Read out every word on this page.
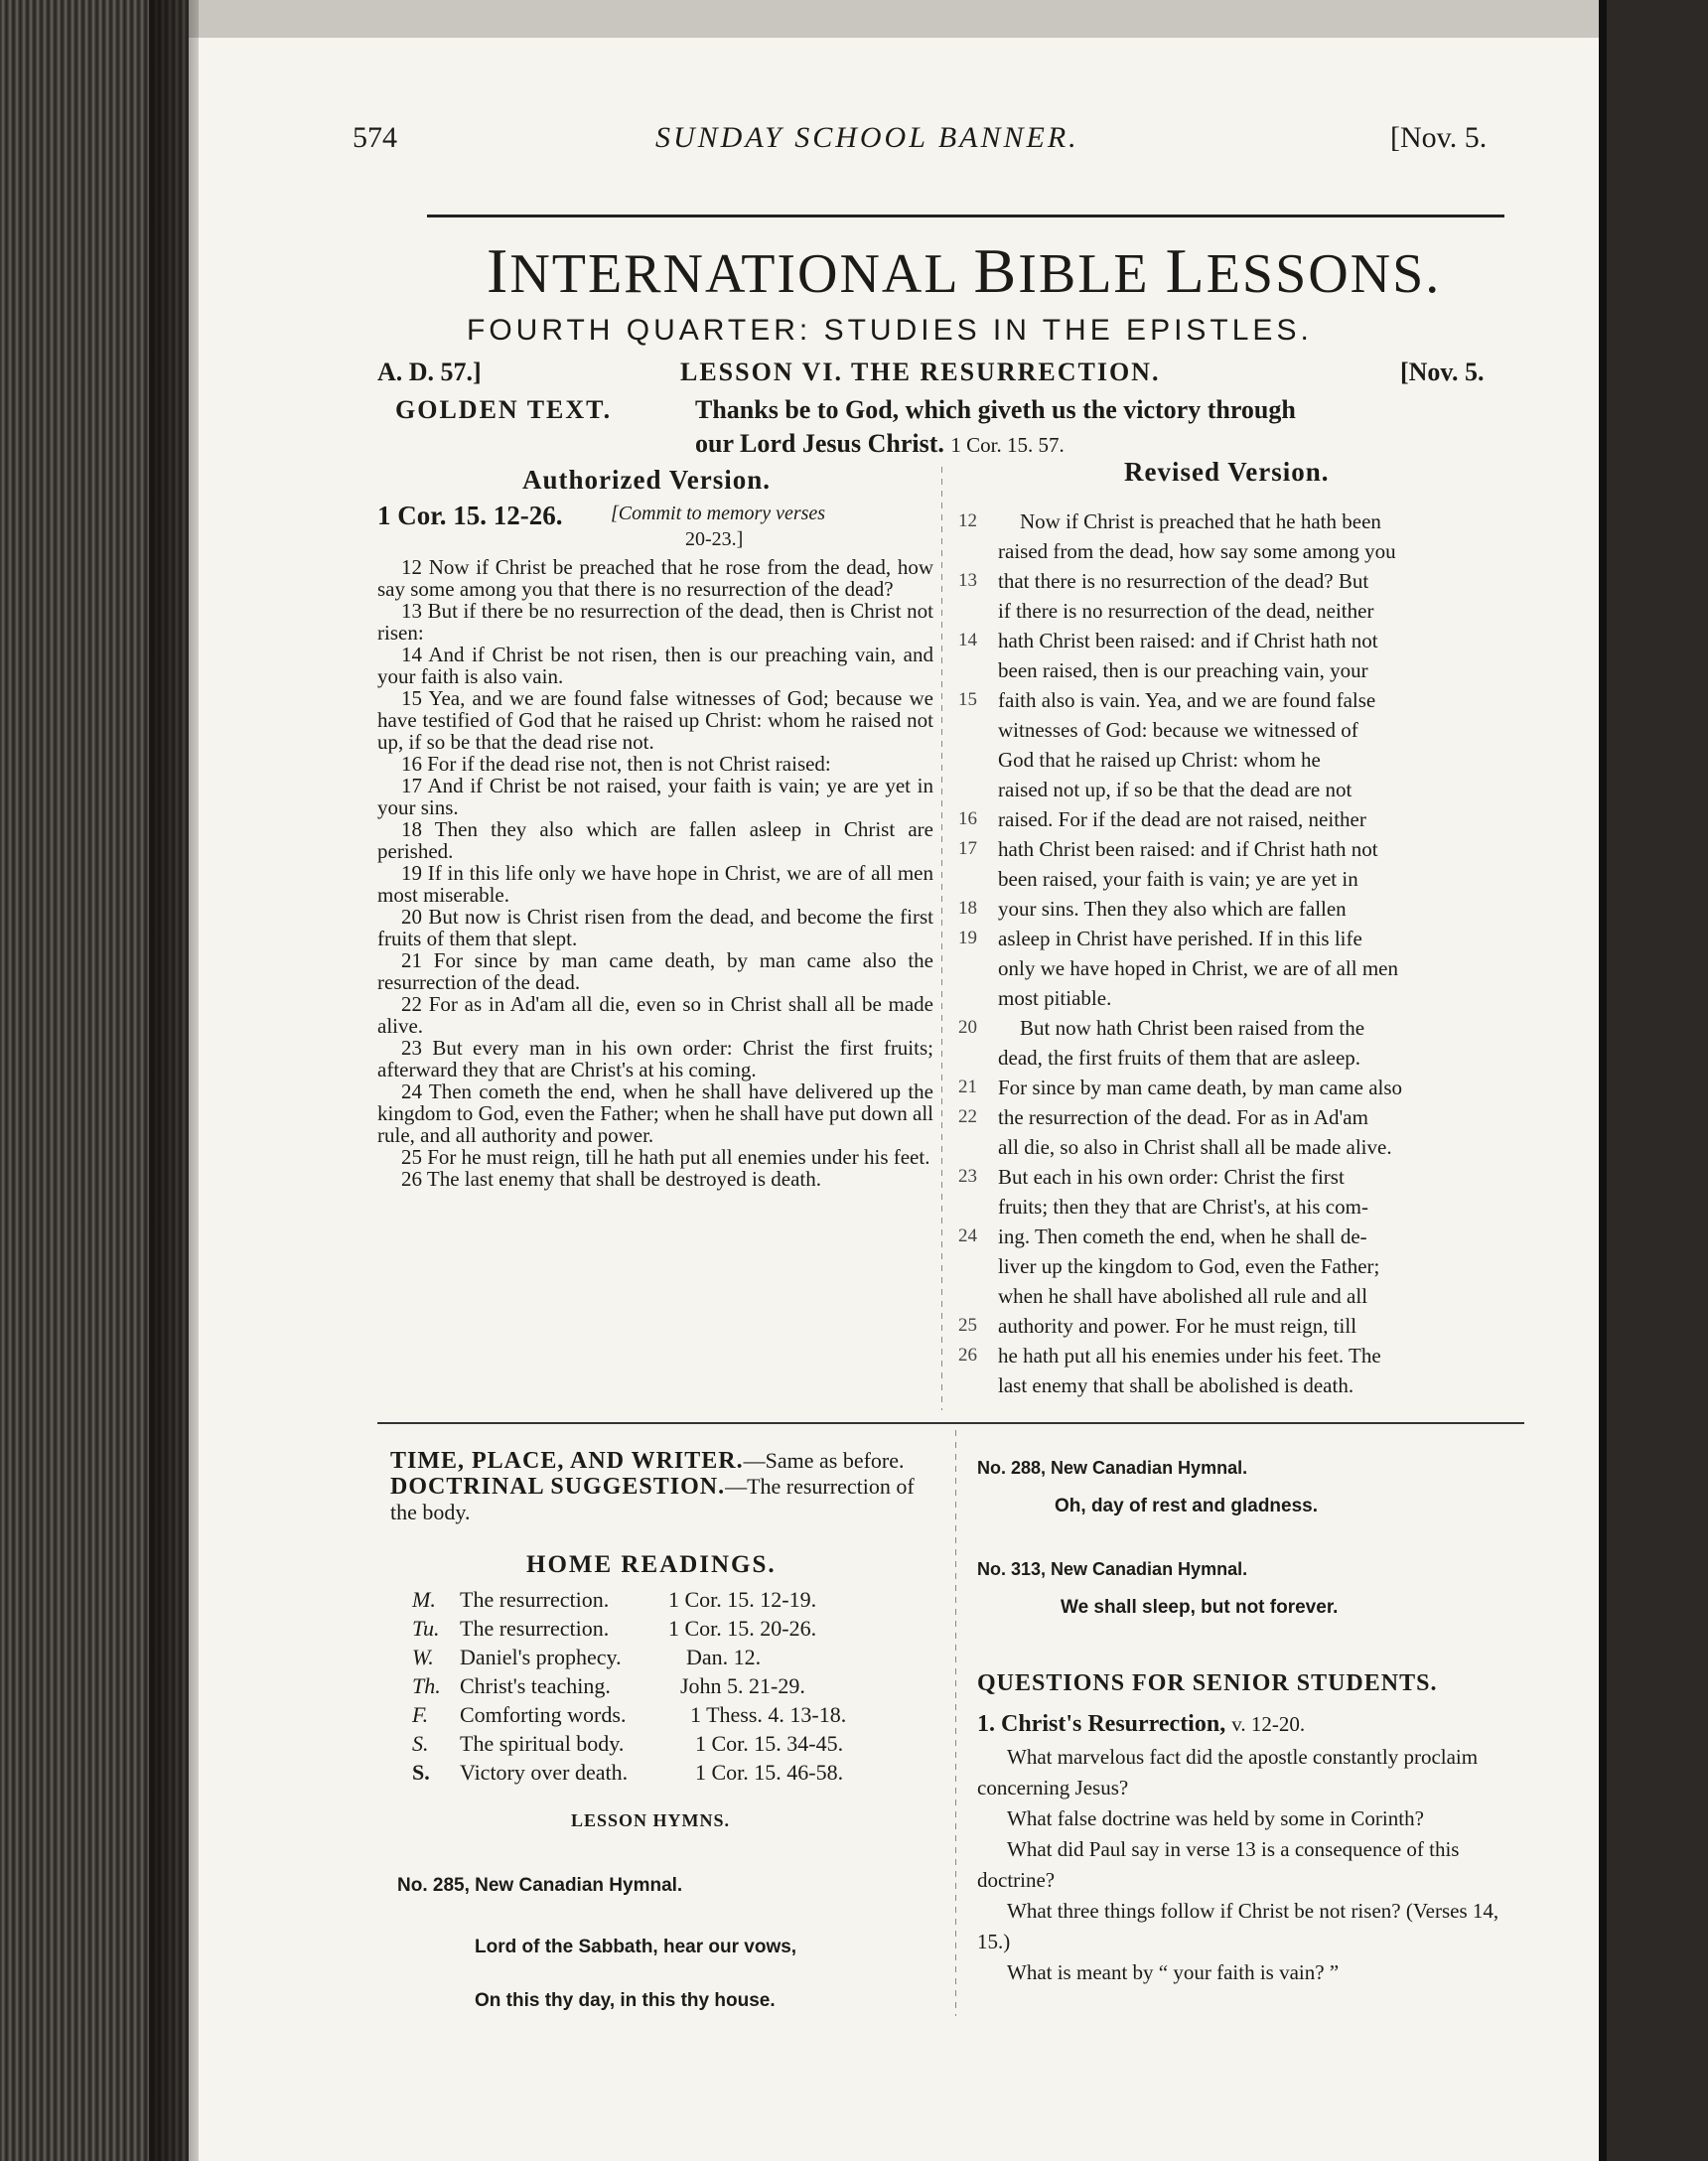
574	SUNDAY SCHOOL BANNER.	[Nov. 5.
INTERNATIONAL BIBLE LESSONS.
FOURTH QUARTER: STUDIES IN THE EPISTLES.
A. D. 57.]	LESSON VI. THE RESURRECTION.	[Nov. 5.
GOLDEN TEXT.	Thanks be to God, which giveth us the victory through
our Lord Jesus Christ. 1 Cor. 15. 57.
Authorized Version.	Revised Version.
1 Cor. 15. 12-26. [Commit to memory verses
20-23.]

12 Now if Christ be preached that he rose from the dead, how say some among you that there is no resurrection of the dead?

13 But if there be no resurrection of the dead, then is Christ not risen:

14 And if Christ be not risen, then is our preaching vain, and your faith is also vain.

15 Yea, and we are found false witnesses of God; because we have testified of God that he raised up Christ: whom he raised not up, if so be that the dead rise not.

16 For if the dead rise not, then is not Christ raised:

17 And if Christ be not raised, your faith is vain; ye are yet in your sins.

18 Then they also which are fallen asleep in Christ are perished.

19 If in this life only we have hope in Christ, we are of all men most miserable.

20 But now is Christ risen from the dead, and become the first fruits of them that slept.

21 For since by man came death, by man came also the resurrection of the dead.

22 For as in Ad'am all die, even so in Christ shall all be made alive.

23 But every man in his own order: Christ the first fruits; afterward they that are Christ's at his coming.

24 Then cometh the end, when he shall have delivered up the kingdom to God, even the Father; when he shall have put down all rule, and all authority and power.

25 For he must reign, till he hath put all enemies under his feet.

26 The last enemy that shall be destroyed is death.

12	Now if Christ is preached that he hath been
raised from the dead, how say some among you
13	that there is no resurrection of the dead? But
if there is no resurrection of the dead, neither
14	hath Christ been raised: and if Christ hath not
been raised, then is our preaching vain, your
15	faith also is vain. Yea, and we are found false
witnesses of God: because we witnessed of
God that he raised up Christ: whom he
raised not up, if so be that the dead are not
16	raised. For if the dead are not raised, neither
17	hath Christ been raised: and if Christ hath not
been raised, your faith is vain; ye are yet in
18	your sins. Then they also which are fallen
19	asleep in Christ have perished. If in this life
only we have hoped in Christ, we are of all men
most pitiable.
20	But now hath Christ been raised from the
dead, the first fruits of them that are asleep.
21	For since by man came death, by man came also
22	the resurrection of the dead. For as in Ad'am
all die, so also in Christ shall all be made alive.
23	But each in his own order: Christ the first
fruits; then they that are Christ's, at his com-
24	ing. Then cometh the end, when he shall de-
liver up the kingdom to God, even the Father;
when he shall have abolished all rule and all
25	authority and power. For he must reign, till
26	he hath put all his enemies under his feet. The
last enemy that shall be abolished is death.
TIME, PLACE, AND WRITER.—Same as before. DOCTRINAL SUGGESTION.—The resurrection of the body.
HOME READINGS.
M. The resurrection.	1 Cor. 15. 12-19.
Tu. The resurrection.	1 Cor. 15. 20-26.
W.	Daniel's prophecy.	Dan. 12.
Th. Christ's teaching.	John 5. 21-29.
F.	Comforting words.	1 Thess. 4. 13-18.
S.	The spiritual body.	1 Cor. 15. 34-45.
S.	Victory over death.	1 Cor. 15. 46-58.
LESSON HYMNS.
No. 285, New Canadian Hymnal.
Lord of the Sabbath, hear our vows,
On this thy day, in this thy house.
No. 288, New Canadian Hymnal.
Oh, day of rest and gladness.
No. 313, New Canadian Hymnal.
We shall sleep, but not forever.
QUESTIONS FOR SENIOR STUDENTS.
1. Christ's Resurrection, v. 12-20.

What marvelous fact did the apostle constantly proclaim concerning Jesus?

What false doctrine was held by some in Corinth?

What did Paul say in verse 13 is a consequence of this doctrine?

What three things follow if Christ be not risen? (Verses 14, 15.)

What is meant by “ your faith is vain? ”
